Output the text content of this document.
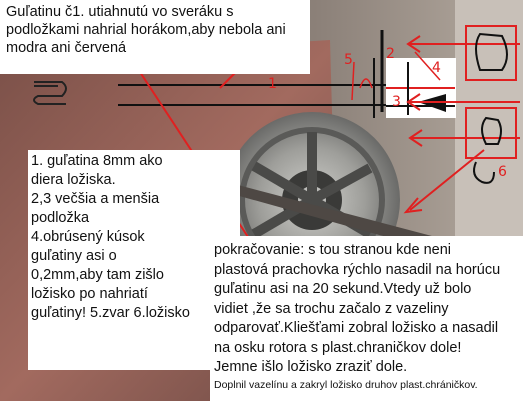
1
2
3
4
5
6
Guľatinu č1. utiahnutú vo sveráku s
podložkami nahrial horákom,aby nebola ani
modra ani červená
1. guľatina 8mm ako
diera ložiska.
2,3 večšia a menšia
podložka
4.obrúsený kúsok
guľatiny asi o
0,2mm,aby tam zišlo
ložisko po nahriatí
guľatiny! 5.zvar 6.ložisko
pokračovanie: s tou stranou kde neni
plastová prachovka rýchlo nasadil na horúcu
guľatinu asi na 20 sekund.Vtedy už bolo
vidiet ,že sa trochu začalo z vazeliny
odparovať.Kliešťami zobral ložisko a nasadil
na osku rotora s plast.chraničkov dole!
Jemne išlo ložisko zraziť dole.
Doplnil vazelínu a zakryl ložisko druhov plast.chráničkov.
